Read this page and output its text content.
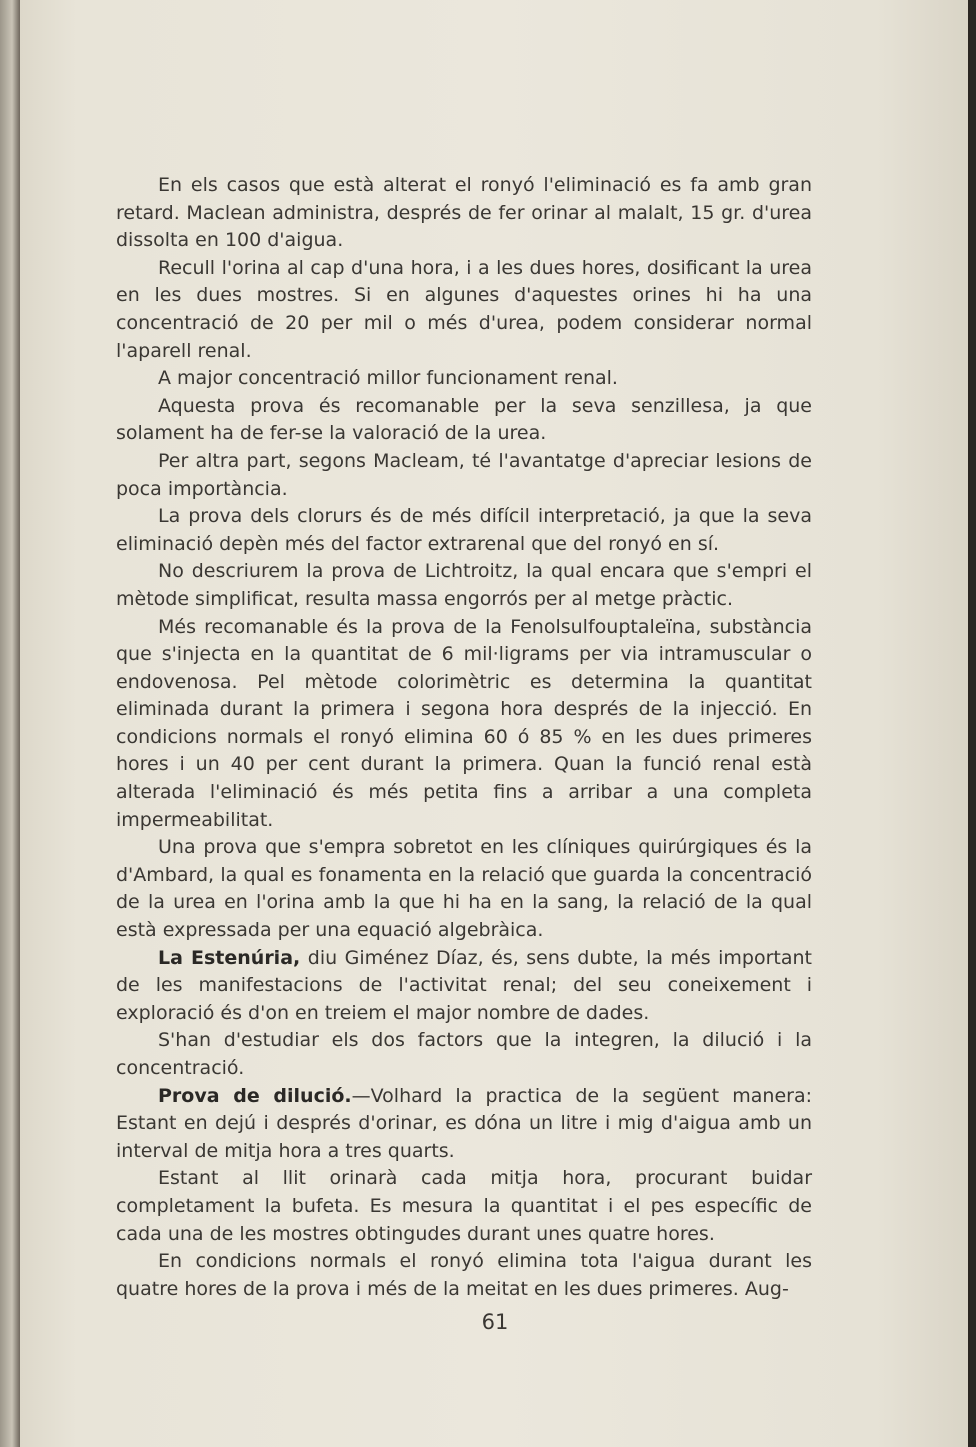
En els casos que està alterat el ronyó l'eliminació es fa amb gran retard. Maclean administra, després de fer orinar al malalt, 15 gr. d'urea dissolta en 100 d'aigua.

Recull l'orina al cap d'una hora, i a les dues hores, dosificant la urea en les dues mostres. Si en algunes d'aquestes orines hi ha una concentració de 20 per mil o més d'urea, podem considerar normal l'aparell renal.

A major concentració millor funcionament renal.

Aquesta prova és recomanable per la seva senzillesa, ja que solament ha de fer-se la valoració de la urea.

Per altra part, segons Macleam, té l'avantatge d'apreciar lesions de poca importància.

La prova dels clorurs és de més difícil interpretació, ja que la seva eliminació depèn més del factor extrarenal que del ronyó en sí.

No descriurem la prova de Lichtroitz, la qual encara que s'empri el mètode simplificat, resulta massa engorrós per al metge pràctic.

Més recomanable és la prova de la Fenolsulfouptaleïna, substància que s'injecta en la quantitat de 6 mil·ligrams per via intramuscular o endovenosa. Pel mètode colorimètric es determina la quantitat eliminada durant la primera i segona hora després de la injecció. En condicions normals el ronyó elimina 60 ó 85 % en les dues primeres hores i un 40 per cent durant la primera. Quan la funció renal està alterada l'eliminació és més petita fins a arribar a una completa impermeabilitat.

Una prova que s'empra sobretot en les clíniques quirúrgiques és la d'Ambard, la qual es fonamenta en la relació que guarda la concentració de la urea en l'orina amb la que hi ha en la sang, la relació de la qual està expressada per una equació algebràica.

La Estenúria, diu Giménez Díaz, és, sens dubte, la més important de les manifestacions de l'activitat renal; del seu coneixement i exploració és d'on en treiem el major nombre de dades.

S'han d'estudiar els dos factors que la integren, la dilució i la concentració.

Prova de dilució.—Volhard la practica de la següent manera: Estant en dejú i després d'orinar, es dóna un litre i mig d'aigua amb un interval de mitja hora a tres quarts.

Estant al llit orinarà cada mitja hora, procurant buidar completament la bufeta. Es mesura la quantitat i el pes específic de cada una de les mostres obtingudes durant unes quatre hores.

En condicions normals el ronyó elimina tota l'aigua durant les quatre hores de la prova i més de la meitat en les dues primeres. Aug-

61
